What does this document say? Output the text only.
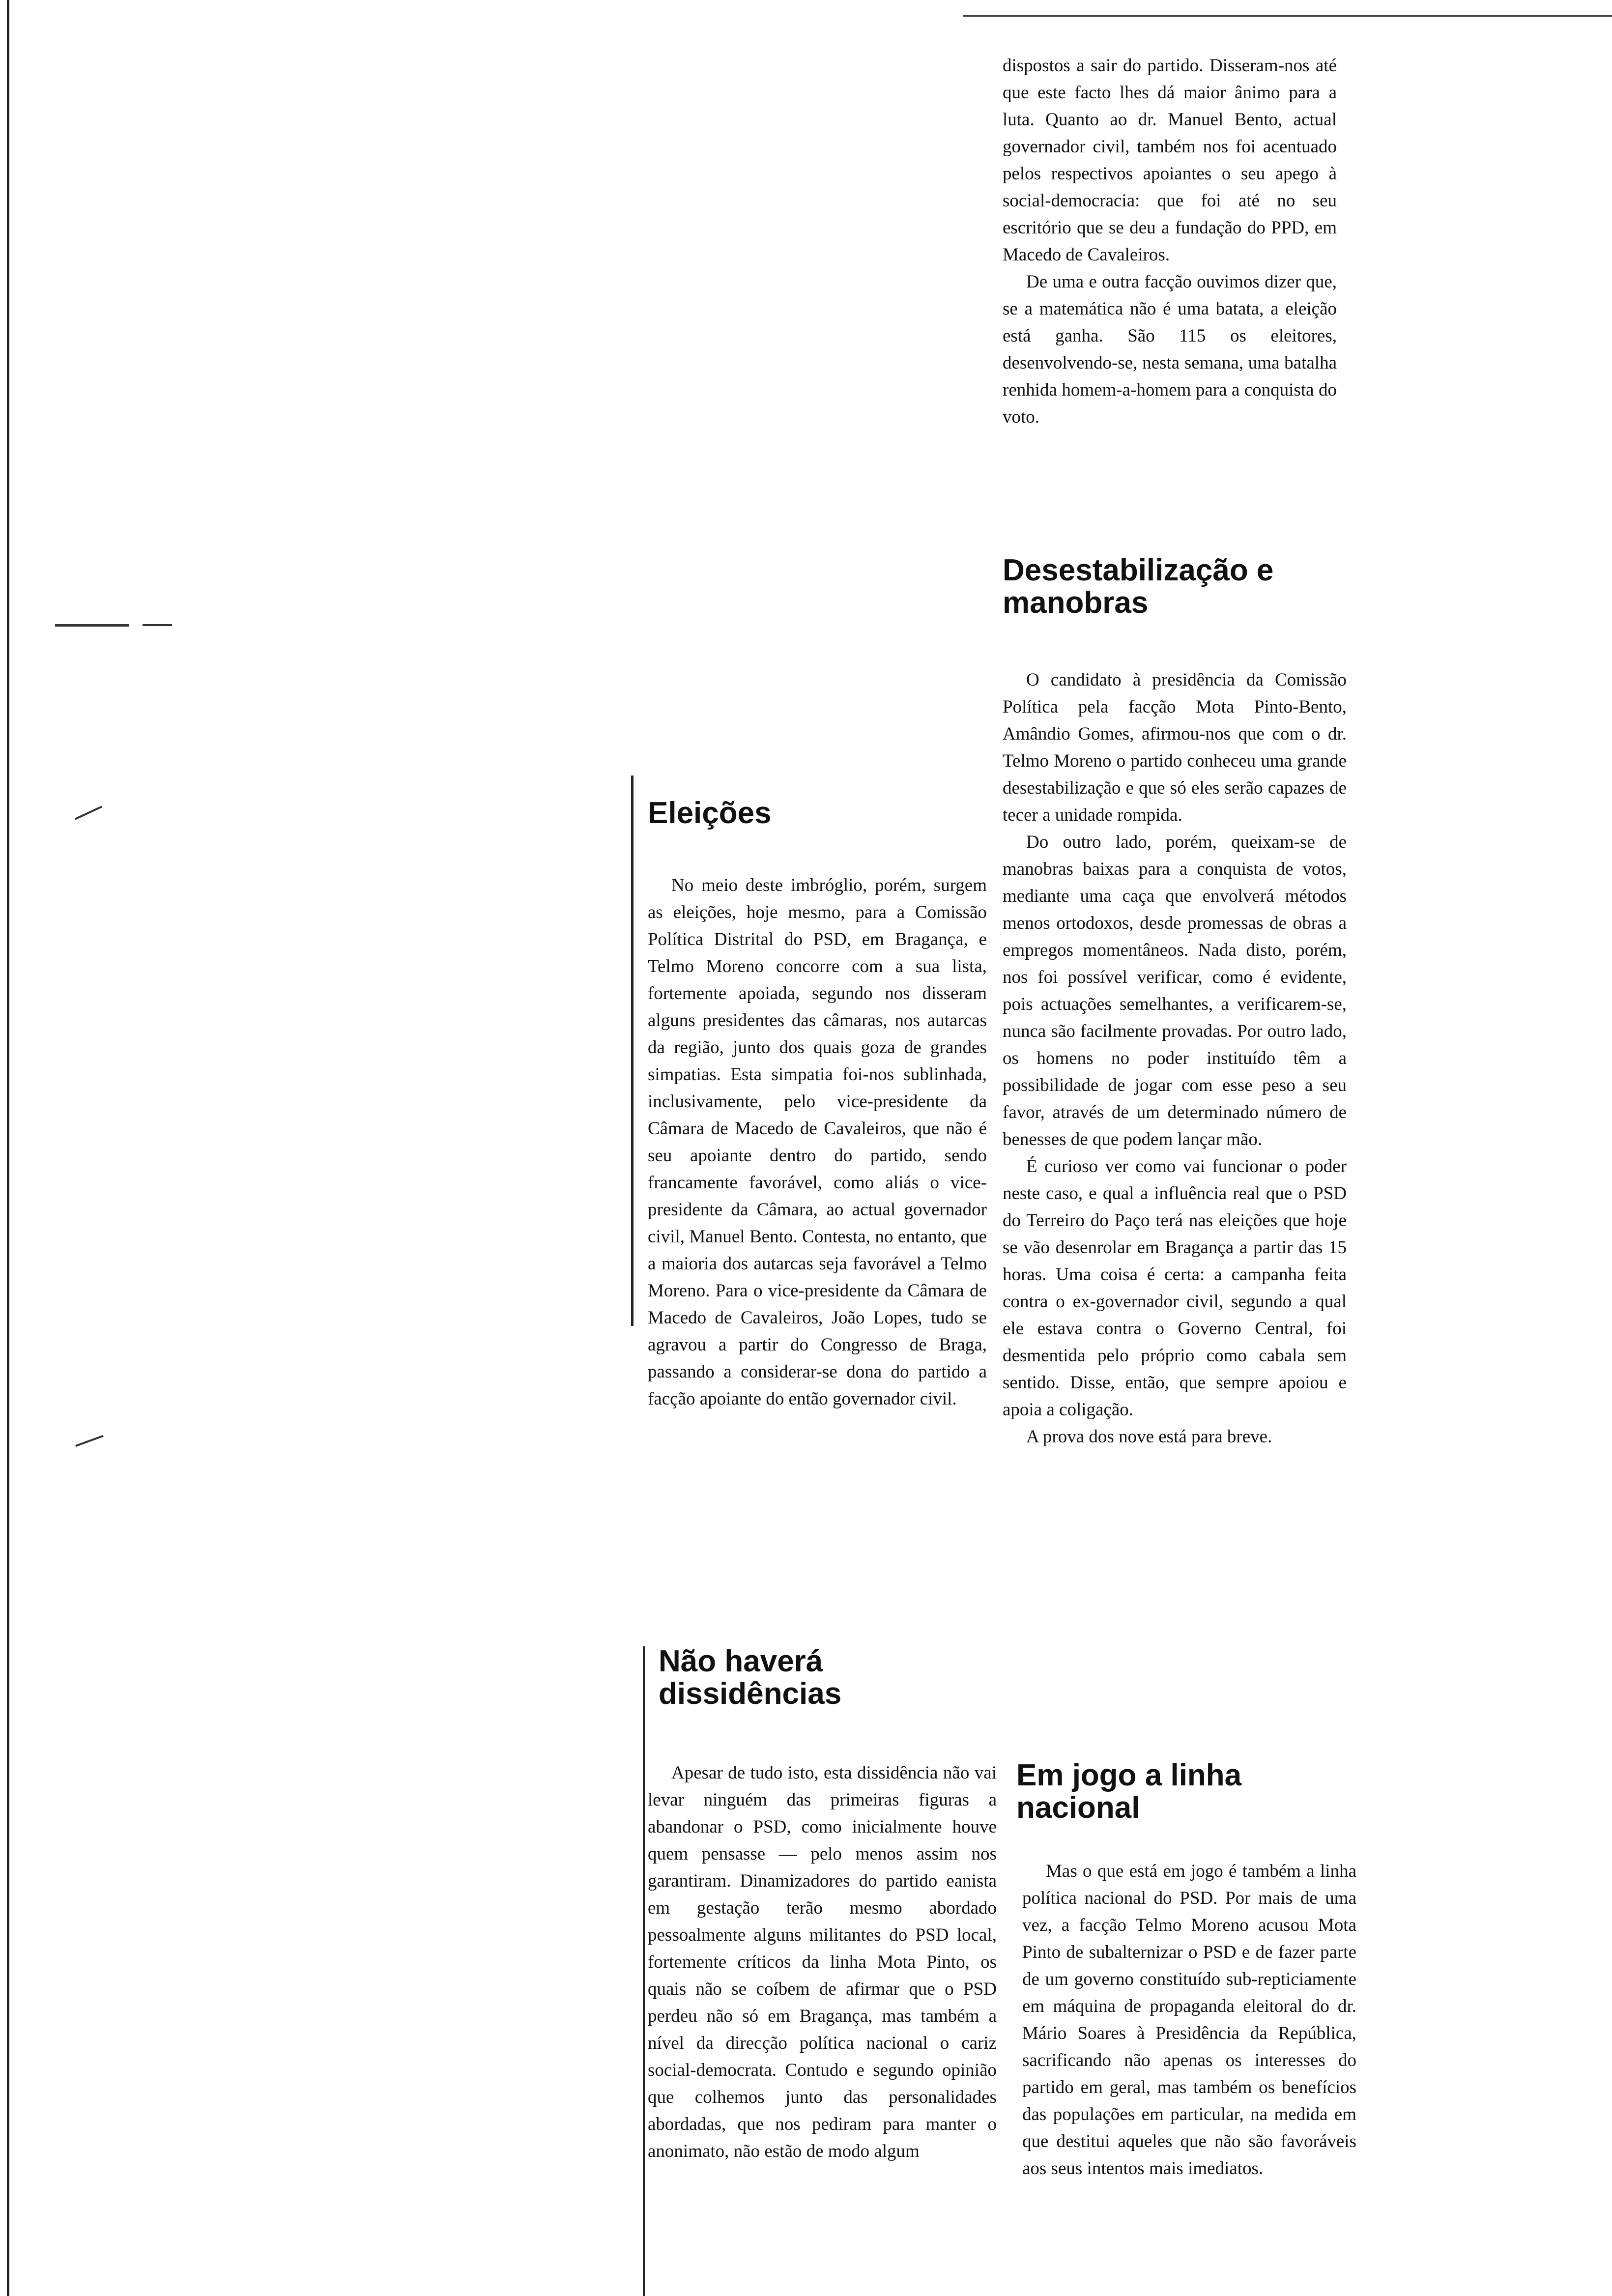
dispostos a sair do partido. Disseram-nos até que este facto lhes dá maior ânimo para a luta. Quanto ao dr. Manuel Bento, actual governador civil, também nos foi acentuado pelos respectivos apoiantes o seu apego à social-democracia: que foi até no seu escritório que se deu a fundação do PPD, em Macedo de Cavaleiros.

De uma e outra facção ouvimos dizer que, se a matemática não é uma batata, a eleição está ganha. São 115 os eleitores, desenvolvendo-se, nesta semana, uma batalha renhida homem-a-homem para a conquista do voto.

Desestabilização e manobras

O candidato à presidência da Comissão Política pela facção Mota Pinto-Bento, Amândio Gomes, afirmou-nos que com o dr. Telmo Moreno o partido conheceu uma grande desestabilização e que só eles serão capazes de tecer a unidade rompida.

Do outro lado, porém, queixam-se de manobras baixas para a conquista de votos, mediante uma caça que envolverá métodos menos ortodoxos, desde promessas de obras a empregos momentâneos. Nada disto, porém, nos foi possível verificar, como é evidente, pois actuações semelhantes, a verificarem-se, nunca são facilmente provadas. Por outro lado, os homens no poder instituído têm a possibilidade de jogar com esse peso a seu favor, através de um determinado número de benesses de que podem lançar mão.

É curioso ver como vai funcionar o poder neste caso, e qual a influência real que o PSD do Terreiro do Paço terá nas eleições que hoje se vão desenrolar em Bragança a partir das 15 horas. Uma coisa é certa: a campanha feita contra o ex-governador civil, segundo a qual ele estava contra o Governo Central, foi desmentida pelo próprio como cabala sem sentido. Disse, então, que sempre apoiou e apoia a coligação.

A prova dos nove está para breve.

Eleições

No meio deste imbróglio, porém, surgem as eleições, hoje mesmo, para a Comissão Política Distrital do PSD, em Bragança, e Telmo Moreno concorre com a sua lista, fortemente apoiada, segundo nos disseram alguns presidentes das câmaras, nos autarcas da região, junto dos quais goza de grandes simpatias. Esta simpatia foi-nos sublinhada, inclusivamente, pelo vice-presidente da Câmara de Macedo de Cavaleiros, que não é seu apoiante dentro do partido, sendo francamente favorável, como aliás o vice-presidente da Câmara, ao actual governador civil, Manuel Bento. Contesta, no entanto, que a maioria dos autarcas seja favorável a Telmo Moreno. Para o vice-presidente da Câmara de Macedo de Cavaleiros, João Lopes, tudo se agravou a partir do Congresso de Braga, passando a considerar-se dona do partido a facção apoiante do então governador civil.

Não haverá dissidências

Apesar de tudo isto, esta dissidência não vai levar ninguém das primeiras figuras a abandonar o PSD, como inicialmente houve quem pensasse — pelo menos assim nos garantiram. Dinamizadores do partido eanista em gestação terão mesmo abordado pessoalmente alguns militantes do PSD local, fortemente críticos da linha Mota Pinto, os quais não se coíbem de afirmar que o PSD perdeu não só em Bragança, mas também a nível da direcção política nacional o cariz social-democrata. Contudo e segundo opinião que colhemos junto das personalidades abordadas, que nos pediram para manter o anonimato, não estão de modo algum

Em jogo a linha nacional

Mas o que está em jogo é também a linha política nacional do PSD. Por mais de uma vez, a facção Telmo Moreno acusou Mota Pinto de subalternizar o PSD e de fazer parte de um governo constituído sub-repticiamente em máquina de propaganda eleitoral do dr. Mário Soares à Presidência da República, sacrificando não apenas os interesses do partido em geral, mas também os benefícios das populações em particular, na medida em que destitui aqueles que não são favoráveis aos seus intentos mais imediatos.
